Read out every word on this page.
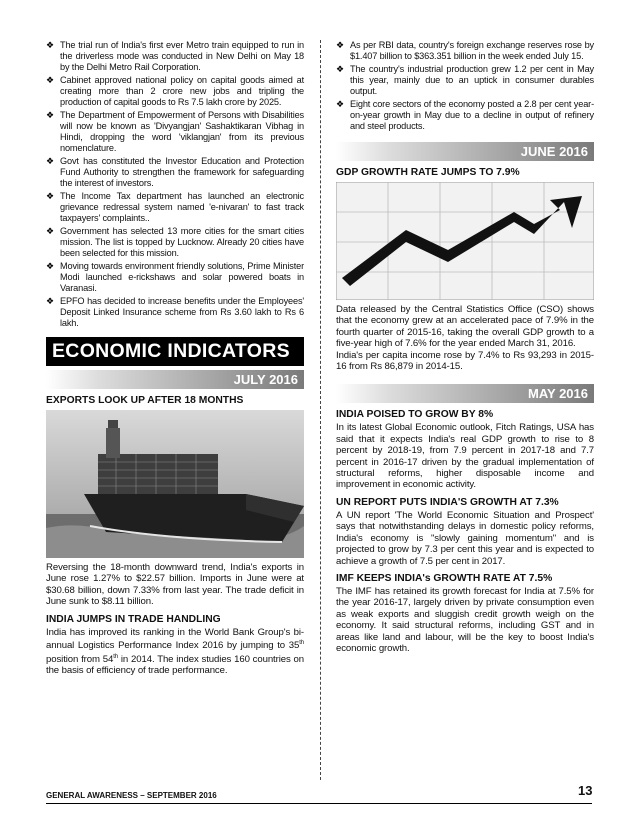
❖ The trial run of India's first ever Metro train equipped to run in the driverless mode was conducted in New Delhi on May 18 by the Delhi Metro Rail Corporation.
❖ Cabinet approved national policy on capital goods aimed at creating more than 2 crore new jobs and tripling the production of capital goods to Rs 7.5 lakh crore by 2025.
❖ The Department of Empowerment of Persons with Disabilities will now be known as 'Divyangjan' Sashaktikaran Vibhag in Hindi, dropping the word 'viklangjan' from its previous nomenclature.
❖ Govt has constituted the Investor Education and Protection Fund Authority to strengthen the framework for safeguarding the interest of investors.
❖ The Income Tax department has launched an electronic grievance redressal system named 'e-nivaran' to fast track taxpayers' complaints..
❖ Government has selected 13 more cities for the smart cities mission. The list is topped by Lucknow. Already 20 cities have been selected for this mission.
❖ Moving towards environment friendly solutions, Prime Minister Modi launched e-rickshaws and solar powered boats in Varanasi.
❖ EPFO has decided to increase benefits under the Employees' Deposit Linked Insurance scheme from Rs 3.60 lakh to Rs 6 lakh.
ECONOMIC INDICATORS
JULY 2016
EXPORTS LOOK UP AFTER 18 MONTHS
Reversing the 18-month downward trend, India's exports in June rose 1.27% to $22.57 billion. Imports in June were at $30.68 billion, down 7.33% from last year. The trade deficit in June sunk to $8.11 billion.
INDIA JUMPS IN TRADE HANDLING
India has improved its ranking in the World Bank Group's bi-annual Logistics Performance Index 2016 by jumping to 35th position from 54th in 2014. The index studies 160 countries on the basis of efficiency of trade performance.
❖ As per RBI data, country's foreign exchange reserves rose by $1.407 billion to $363.351 billion in the week ended July 15.
❖ The country's industrial production grew 1.2 per cent in May this year, mainly due to an uptick in consumer durables output.
❖ Eight core sectors of the economy posted a 2.8 per cent year-on-year growth in May due to a decline in output of refinery and steel products.
JUNE 2016
GDP GROWTH RATE JUMPS TO 7.9%
Data released by the Central Statistics Office (CSO) shows that the economy grew at an accelerated pace of 7.9% in the fourth quarter of 2015-16, taking the overall GDP growth to a five-year high of 7.6% for the year ended March 31, 2016.
India's per capita income rose by 7.4% to Rs 93,293 in 2015-16 from Rs 86,879 in 2014-15.
MAY 2016
INDIA POISED TO GROW BY 8%
In its latest Global Economic outlook, Fitch Ratings, USA has said that it expects India's real GDP growth to rise to 8 percent by 2018-19, from 7.9 percent in 2017-18 and 7.7 percent in 2016-17 driven by the gradual implementation of structural reforms, higher disposable income and improvement in economic activity.
UN REPORT PUTS INDIA'S GROWTH AT 7.3%
A UN report 'The World Economic Situation and Prospect' says that notwithstanding delays in domestic policy reforms, India's economy is "slowly gaining momentum" and is projected to grow by 7.3 per cent this year and is expected to achieve a growth of 7.5 per cent in 2017.
IMF KEEPS INDIA's GROWTH RATE AT 7.5%
The IMF has retained its growth forecast for India at 7.5% for the year 2016-17, largely driven by private consumption even as weak exports and sluggish credit growth weigh on the economy. It said structural reforms, including GST and in areas like land and labour, will be the key to boost India's economic growth.
GENERAL AWARENESS – SEPTEMBER 2016	13
